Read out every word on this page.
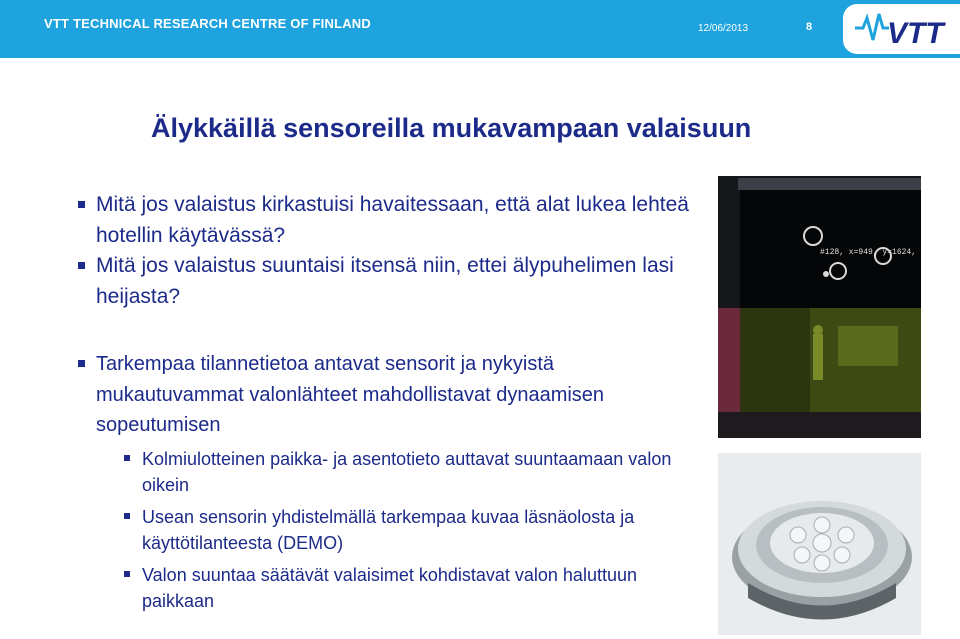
VTT TECHNICAL RESEARCH CENTRE OF FINLAND	12/06/2013	8 VTT
Älykkäillä sensoreilla mukavampaan valaisuun
Mitä jos valaistus kirkastuisi havaitessaan, että alat lukea lehteä hotellin käytävässä?
Mitä jos valaistus suuntaisi itsensä niin, ettei älypuhelimen lasi heijasta?
Tarkempaa tilannetietoa antavat sensorit ja nykyistä mukautuvammat valonlähteet mahdollistavat dynaamisen sopeutumisen
Kolmiulotteinen paikka- ja asentotieto auttavat suuntaamaan valon oikein
Usean sensorin yhdistelmällä tarkempaa kuvaa läsnäolosta ja käyttötilanteesta (DEMO)
Valon suuntaa säätävät valaisimet kohdistavat valon haluttuun paikkaan
#128, x=949, y=1624,
